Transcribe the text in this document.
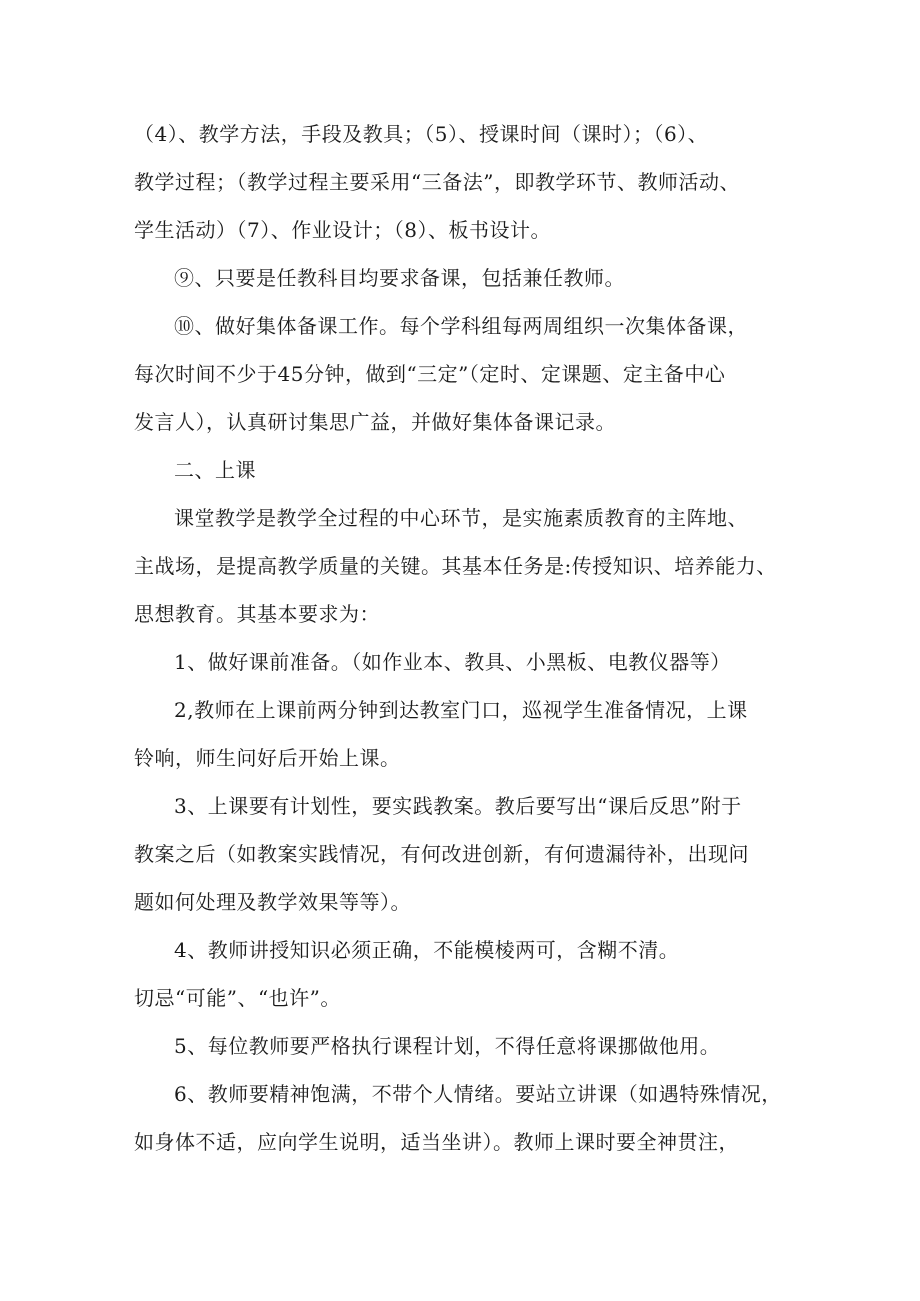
（4）、教学方法，手段及教具；（5）、授课时间（课时）；（6）、
教学过程；（教学过程主要采用“三备法”，即教学环节、教师活动、
学生活动）（7）、作业设计；（8）、板书设计。

⑨、只要是任教科目均要求备课，包括兼任教师。

⑩、做好集体备课工作。每个学科组每两周组织一次集体备课，
每次时间不少于45分钟，做到“三定”（定时、定课题、定主备中心
发言人），认真研讨集思广益，并做好集体备课记录。

二、上课

课堂教学是教学全过程的中心环节，是实施素质教育的主阵地、
主战场，是提高教学质量的关键。其基本任务是:传授知识、培养能力、
思想教育。其基本要求为：

1、做好课前准备。（如作业本、教具、小黑板、电教仪器等）

2,教师在上课前两分钟到达教室门口，巡视学生准备情况，上课
铃响，师生问好后开始上课。

3、上课要有计划性，要实践教案。教后要写出“课后反思”附于
教案之后（如教案实践情况，有何改进创新，有何遗漏待补，出现问
题如何处理及教学效果等等）。

4、教师讲授知识必须正确，不能模棱两可，含糊不清。

切忌“可能”、“也许”。

5、每位教师要严格执行课程计划，不得任意将课挪做他用。

6、教师要精神饱满，不带个人情绪。要站立讲课（如遇特殊情况，
如身体不适，应向学生说明，适当坐讲）。教师上课时要全神贯注，
